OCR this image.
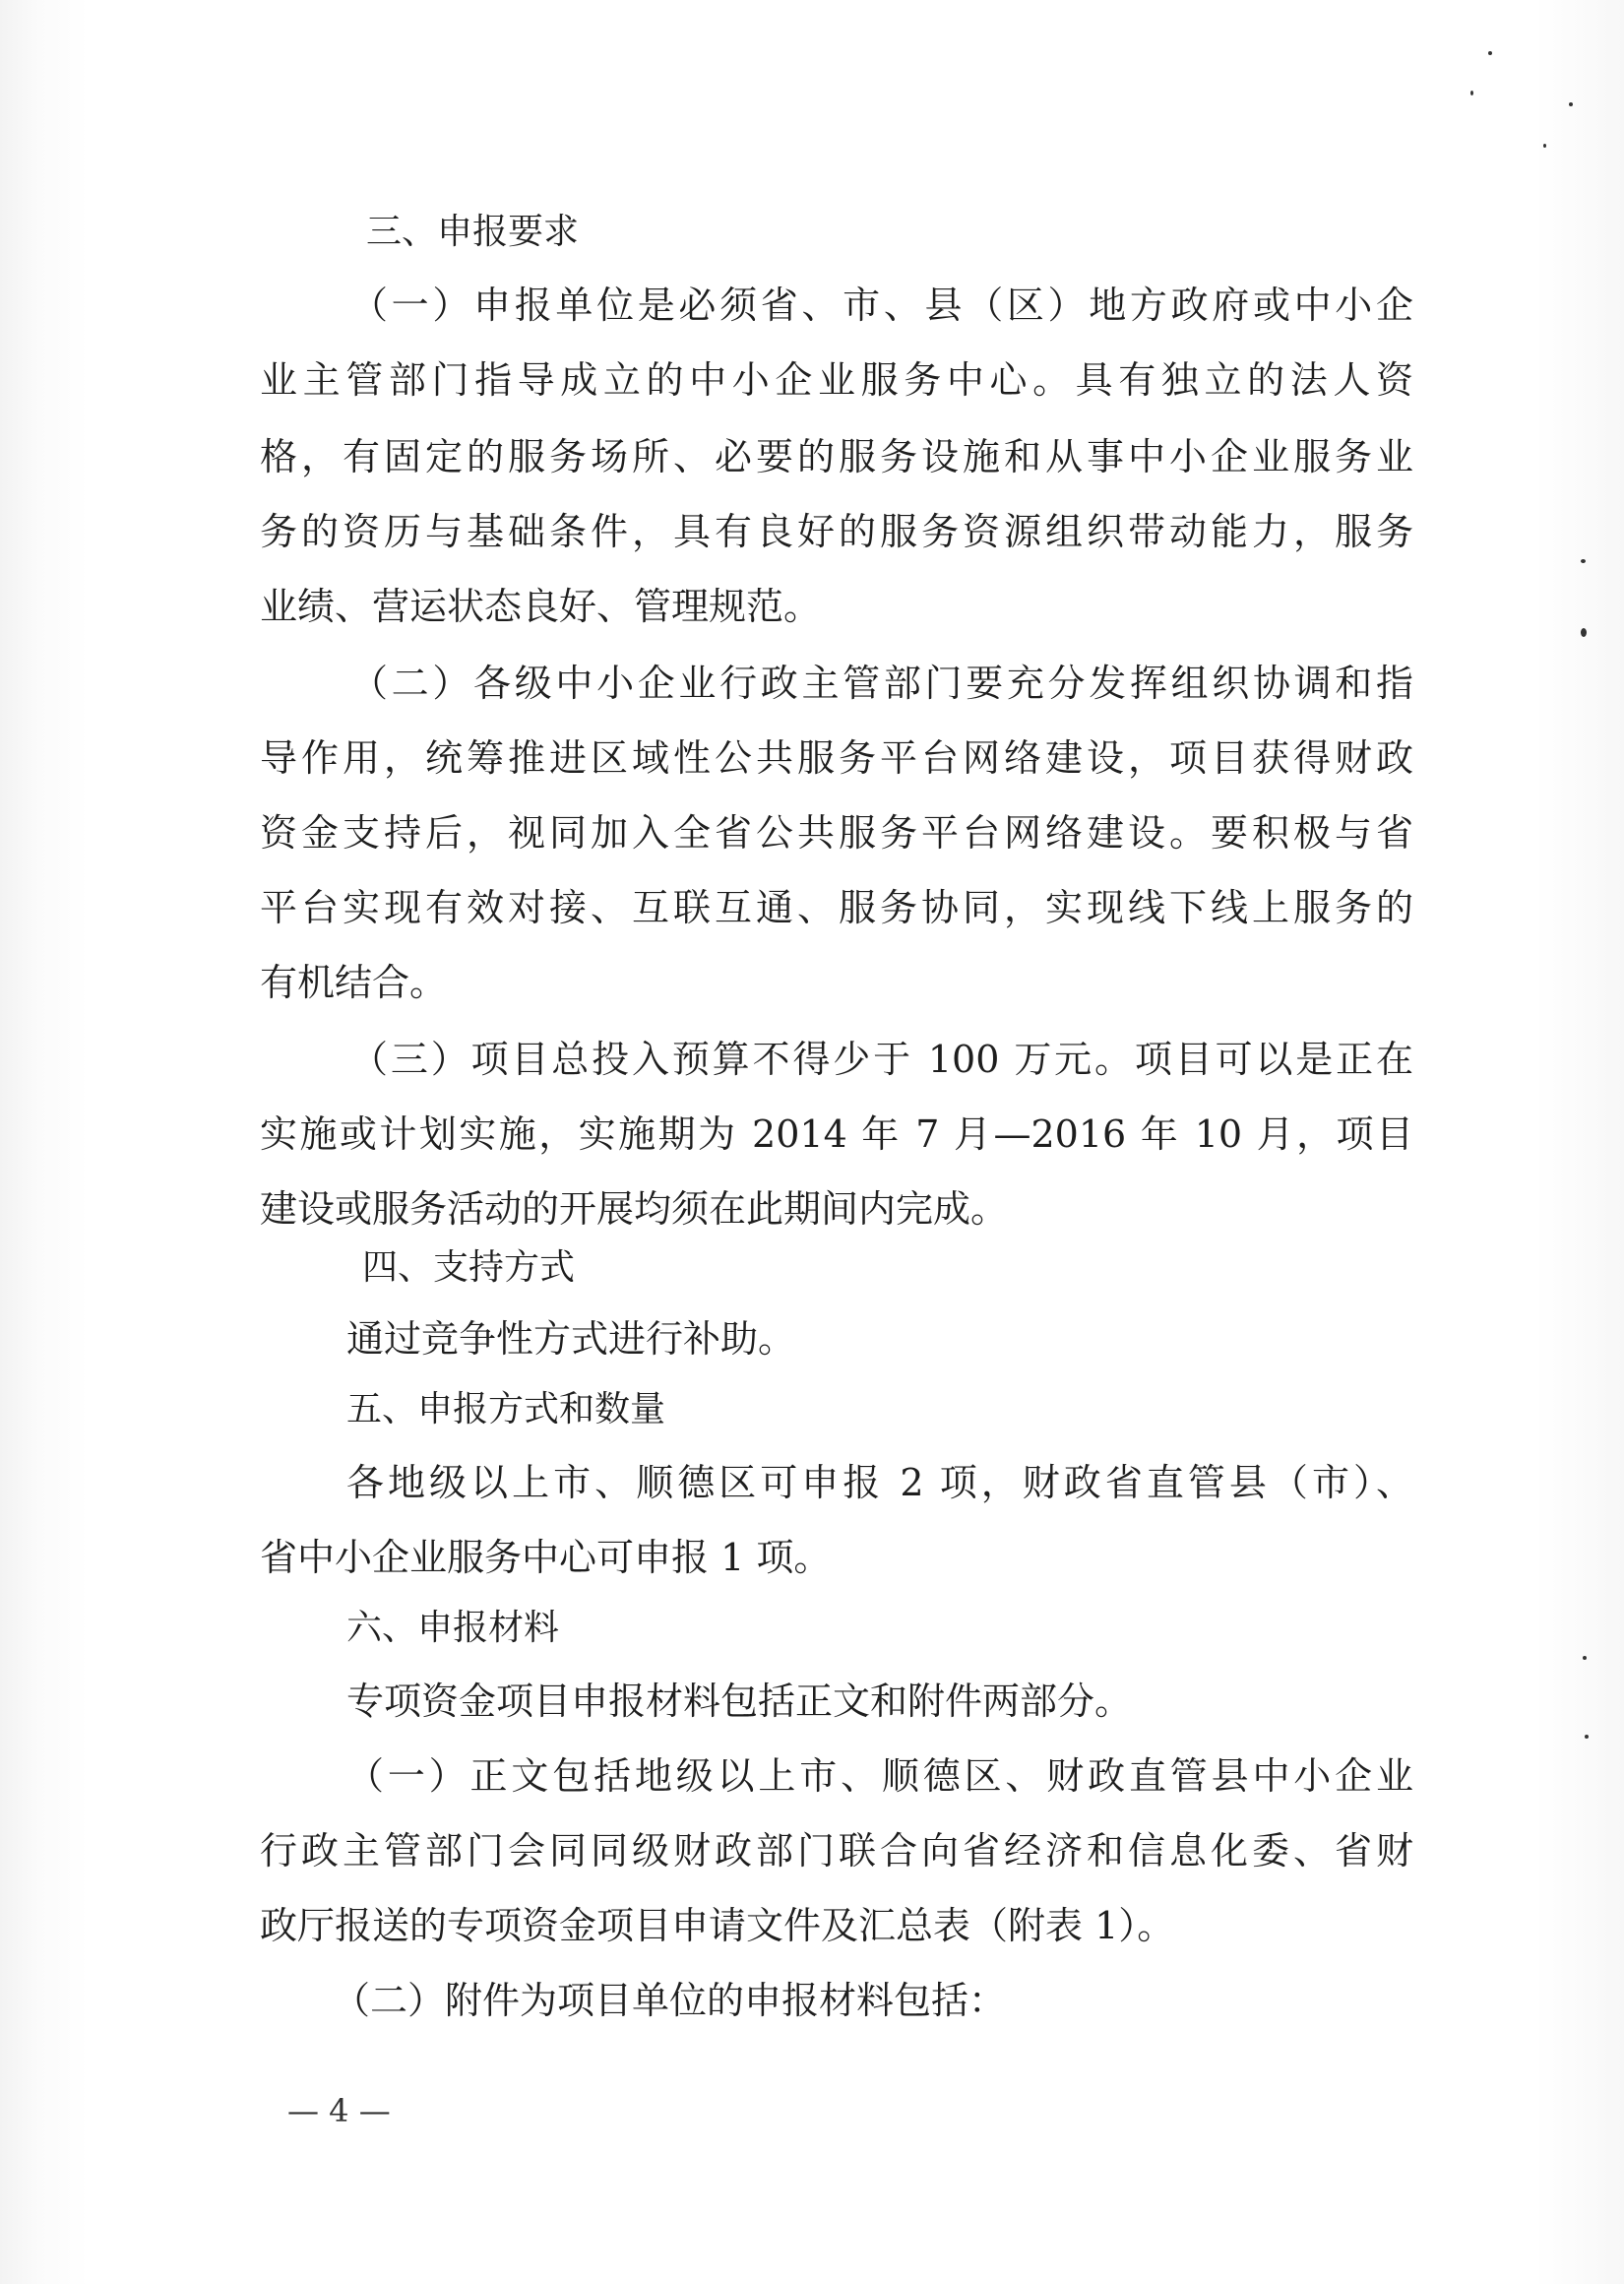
三、申报要求
（一）申报单位是必须省、市、县（区）地方政府或中小企
业主管部门指导成立的中小企业服务中心。具有独立的法人资
格，有固定的服务场所、必要的服务设施和从事中小企业服务业
务的资历与基础条件，具有良好的服务资源组织带动能力，服务
业绩、营运状态良好、管理规范。
（二）各级中小企业行政主管部门要充分发挥组织协调和指
导作用，统筹推进区域性公共服务平台网络建设，项目获得财政
资金支持后，视同加入全省公共服务平台网络建设。要积极与省
平台实现有效对接、互联互通、服务协同，实现线下线上服务的
有机结合。
（三）项目总投入预算不得少于 100 万元。项目可以是正在
实施或计划实施，实施期为 2014 年 7 月—2016 年 10 月，项目
建设或服务活动的开展均须在此期间内完成。
四、支持方式
通过竞争性方式进行补助。
五、申报方式和数量
各地级以上市、顺德区可申报 2 项，财政省直管县（市）、
省中小企业服务中心可申报 1 项。
六、申报材料
专项资金项目申报材料包括正文和附件两部分。
（一）正文包括地级以上市、顺德区、财政直管县中小企业
行政主管部门会同同级财政部门联合向省经济和信息化委、省财
政厅报送的专项资金项目申请文件及汇总表（附表 1）。
（二）附件为项目单位的申报材料包括：
— 4 —
